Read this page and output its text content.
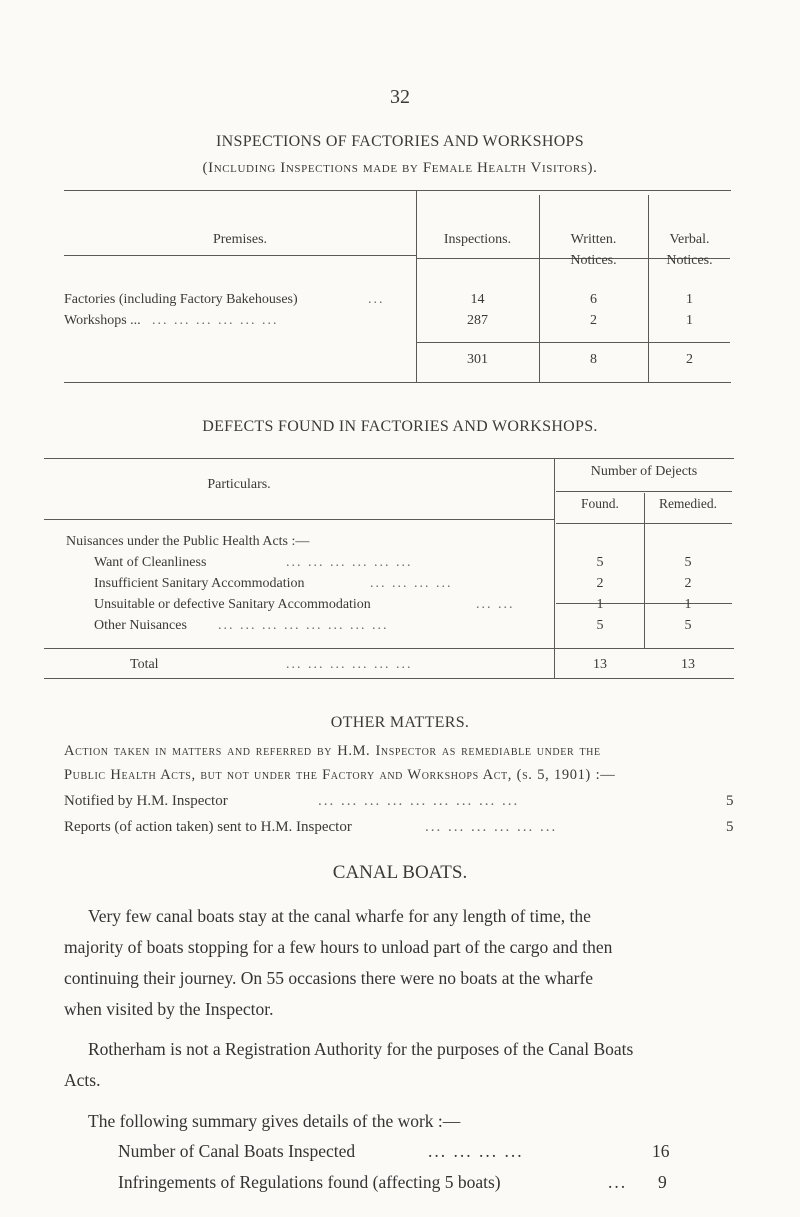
32
INSPECTIONS OF FACTORIES AND WORKSHOPS
(Including Inspections made by Female Health Visitors).
Premises.	Inspections.	Written.
Notices.
Verbal.
Notices.
Factories (including Factory Bakehouses)	...	14	6	1
Workshops ... ... ... ... ... ... ...	287	2	1
301	8	2
DEFECTS FOUND IN FACTORIES AND WORKSHOPS.
Particulars.
Number of Dejects
Found.	Remedied.
Nuisances under the Public Health Acts :—
Want of Cleanliness	... ... ... ... ... ...	5	5
Insufficient Sanitary Accommodation	... ... ... ...	2	2
Unsuitable or defective Sanitary Accommodation	... ...	1	1
Other Nuisances ... ... ... ... ... ... ... ...	5	5
Total	... ... ... ... ... ...	13	13
OTHER MATTERS.
Action taken in matters and referred by H.M. Inspector as remediable under the
Public Health Acts, but not under the Factory and Workshops Act, (s. 5, 1901) :—
Notified by H.M. Inspector	... ... ... ... ... ... ... ... ...	5
Reports (of action taken) sent to H.M. Inspector	... ... ... ... ... ...	5
CANAL BOATS.
Very few canal boats stay at the canal wharfe for any length of time, the
majority of boats stopping for a few hours to unload part of the cargo and then
continuing their journey. On 55 occasions there were no boats at the wharfe
when visited by the Inspector.
Rotherham is not a Registration Authority for the purposes of the Canal Boats
Acts.
The following summary gives details of the work :—
Number of Canal Boats Inspected	... ... ... ...	16
Infringements of Regulations found (affecting 5 boats)	... 9
